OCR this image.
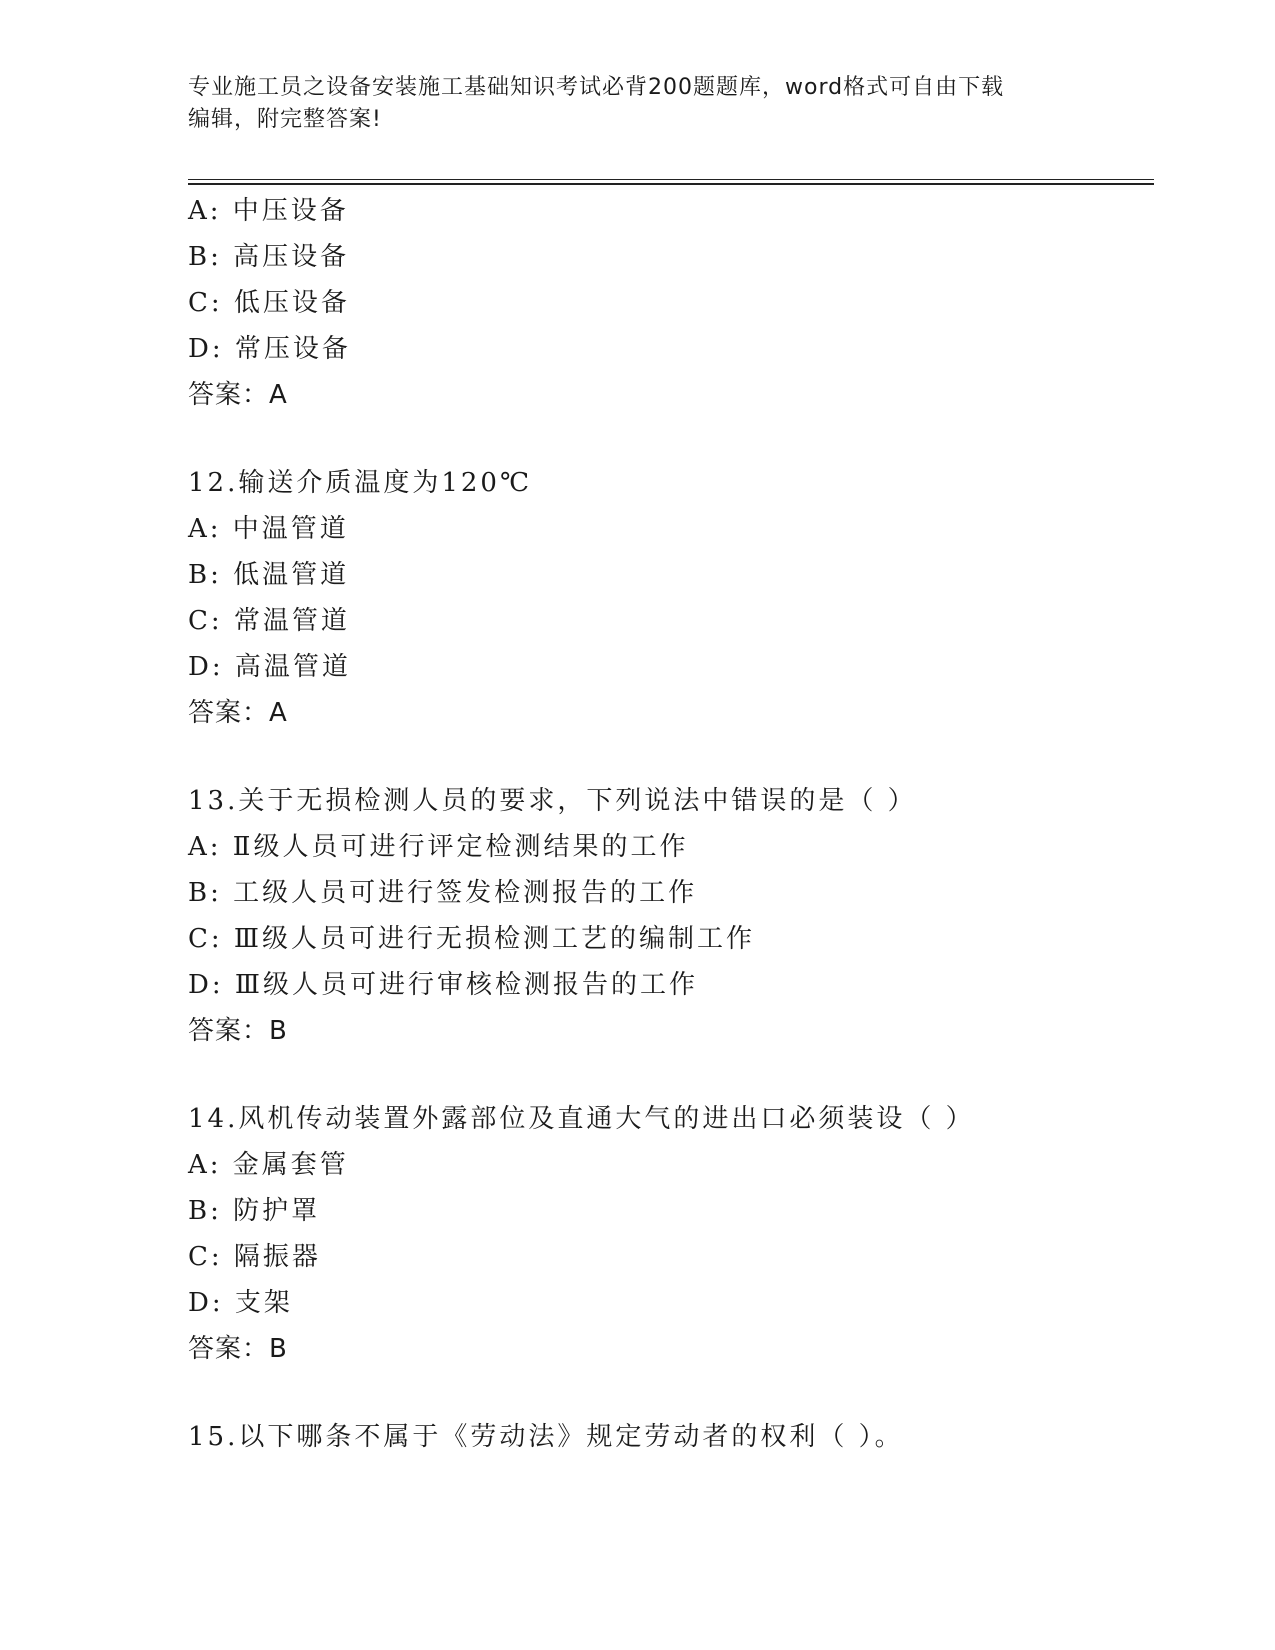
专业施工员之设备安装施工基础知识考试必背200题题库，word格式可自由下载
编辑，附完整答案!
A: 中压设备
B: 高压设备
C: 低压设备
D: 常压设备
答案：A
12.输送介质温度为120℃
A: 中温管道
B: 低温管道
C: 常温管道
D: 高温管道
答案：A
13.关于无损检测人员的要求，下列说法中错误的是（ ）
A: Ⅱ级人员可进行评定检测结果的工作
B: 工级人员可进行签发检测报告的工作
C: Ⅲ级人员可进行无损检测工艺的编制工作
D: Ⅲ级人员可进行审核检测报告的工作
答案：B
14.风机传动装置外露部位及直通大气的进出口必须装设（ ）
A: 金属套管
B: 防护罩
C: 隔振器
D: 支架
答案：B
15.以下哪条不属于《劳动法》规定劳动者的权利（ ）。
